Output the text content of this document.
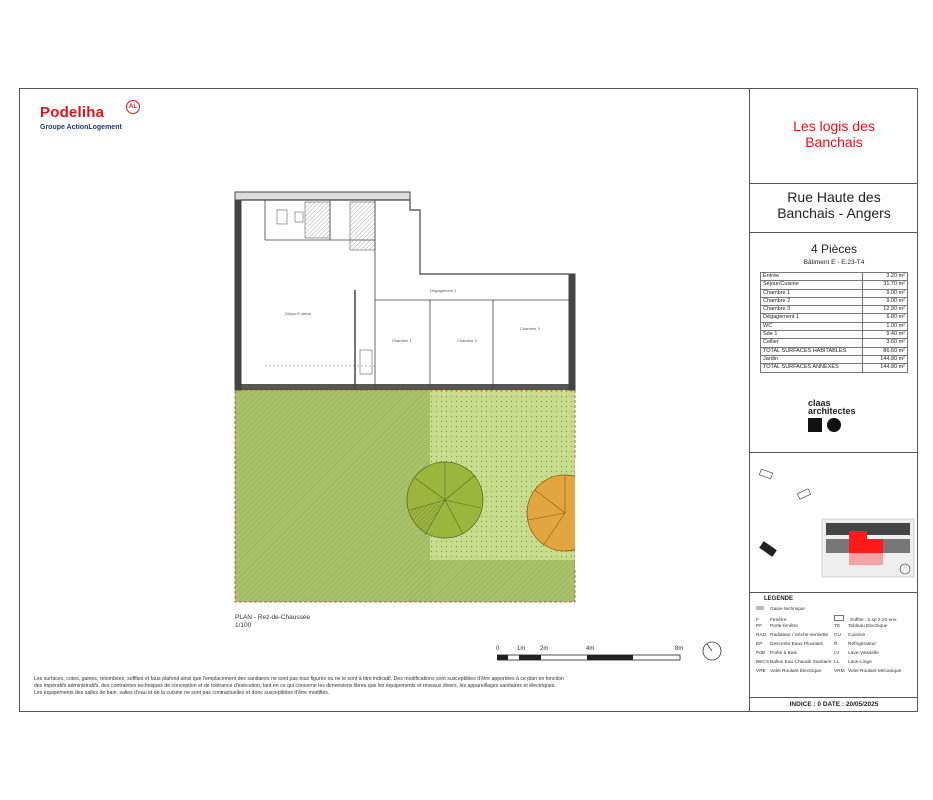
Podeliha	AL
Groupe ActionLogement
Séjour/Cuisine
Dégagement 1
Chambre 1	Chambre 2
Chambre 3
PLAN - Rez-de-Chaussée
1/100
0	1m 2m	4m	8m
Les surfaces, cotes, gaines, retombées, soffites et faux-plafond ainsi que l'emplacement des sanitaires ne sont pas tous figurés ou ne le sont à titre indicatif. Des modifications sont susceptibles d'être apportées à ce plan en fonction
des impératifs administratifs, des contraintes techniques de conception et de tolérance d'exécution, tant en ce qui concerne les dimensions libres que les équipements et réseaux divers, les appareillages sanitaires et électriques.
Les équipements des salles de bain, salles d'eau et de la cuisine ne sont pas contractuelles et donc susceptibles d'être modifiés.
Les logis des Banchais
Rue Haute des Banchais - Angers
4 Pièces
Bâtiment E - E.23-T4
Entrée	3.20 m²
Séjour/Cuisine	31.70 m²
Chambre 1	9.00 m²
Chambre 2	9.00 m²
Chambre 3	12.90 m²
Dégagement 1	6.80 m²
WC	1.00 m²
Sde 1	9.40 m²
Cellier	3.60 m²
TOTAL SURFACES HABITABLES	86.60 m²
Jardin	144.80 m²
TOTAL SURFACES ANNEXES	144.80 m²
claas
architectes
LEGENDE
Gaine technique
F Fenêtre	Soffite : h.sp 2.20 env.
PF Porte-fenêtre	TE Tableau Electrique
RAD. Radiateur / Sèche-serviette CU Cuisson
EP Descente Eaux Pluviales R Réfrigérateur
PdB Poêle à Bois	LV Lave-Vaisselle
BECSBallon Eau Chaude Sanitaire LL Lave-Linge
VRE Volet Roulant Electrique	VRM Volet Roulant Mécanique
INDICE : 0 DATE : 20/05/2025
